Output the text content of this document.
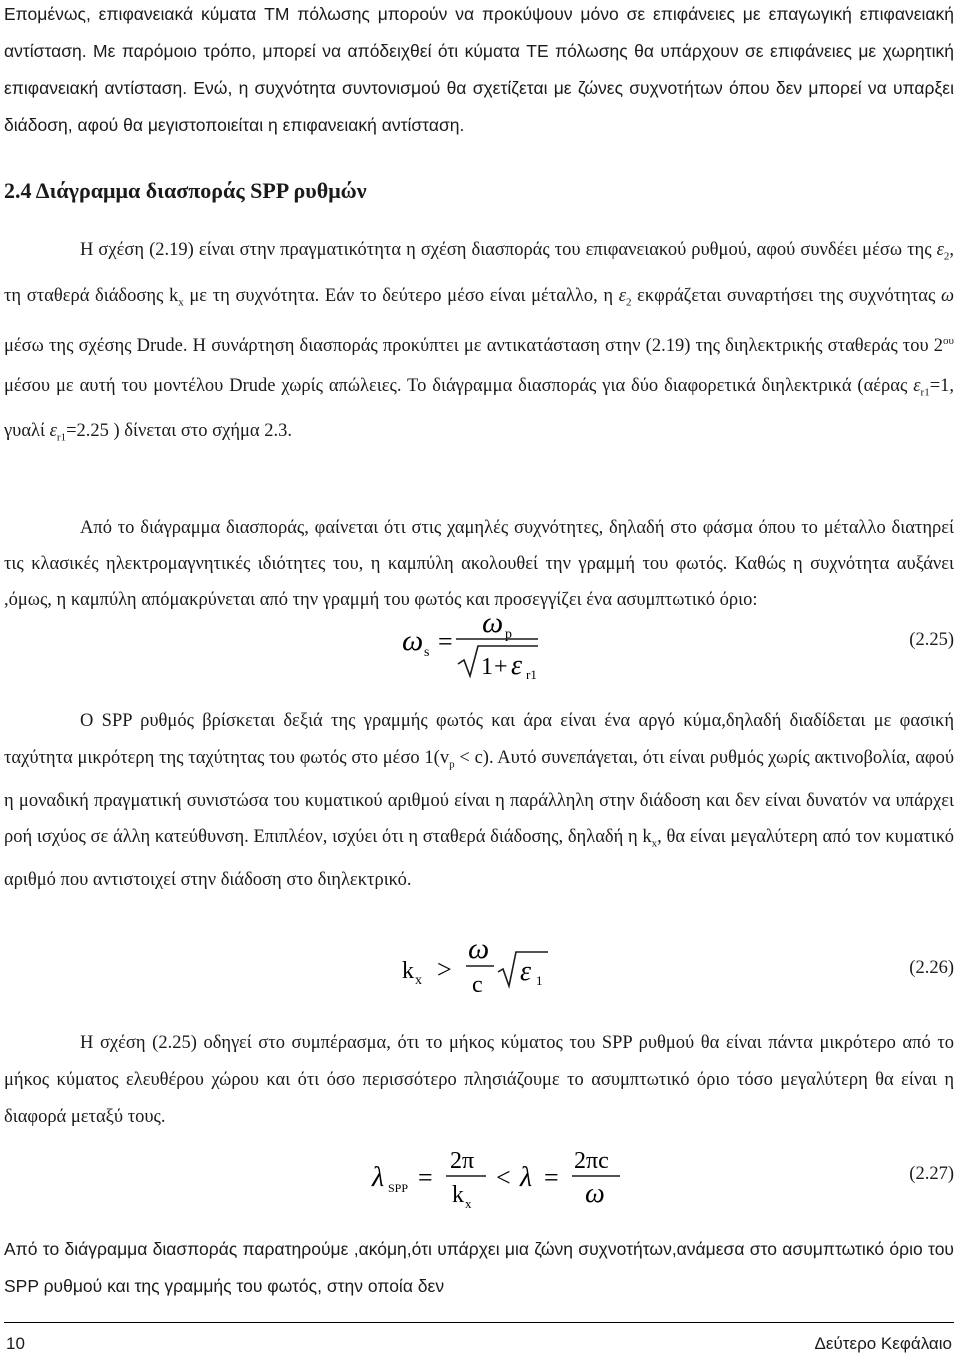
Επομένως, επιφανειακά κύματα TM πόλωσης μπορούν να προκύψουν μόνο σε επιφάνειες με επαγωγική επιφανειακή αντίσταση. Με παρόμοιο τρόπο, μπορεί να απόδειχθεί ότι κύματα TE πόλωσης θα υπάρχουν σε επιφάνειες με χωρητική επιφανειακή αντίσταση. Ενώ, η συχνότητα συντονισμού θα σχετίζεται με ζώνες συχνοτήτων όπου δεν μπορεί να υπαρξει διάδοση, αφού θα μεγιστοποιείται η επιφανειακή αντίσταση.
2.4 Διάγραμμα διασποράς SPP ρυθμών

Η σχέση (2.19) είναι στην πραγματικότητα η σχέση διασποράς του επιφανειακού ρυθμού, αφού συνδέει μέσω της $\varepsilon_2$, τη σταθερά διάδοσης $k_x$ με τη συχνότητα. Εάν το δεύτερο μέσο είναι μέταλλο, η $\varepsilon_2$ εκφράζεται συναρτήσει της συχνότητας ω μέσω της σχέσης Drude. Η συνάρτηση διασποράς προκύπτει με αντικατάσταση στην (2.19) της διηλεκτρικής σταθεράς του $2^{o\upsilon}$ μέσου με αυτή του μοντέλου Drude χωρίς απώλειες. Το διάγραμμα διασποράς για δύο διαφορετικά διηλεκτρικά (αέρας $\varepsilon_{r1}=1$, γυαλί $\varepsilon_{r1}=2.25$ ) δίνεται στο σχήμα 2.3.

Από το διάγραμμα διασποράς, φαίνεται ότι στις χαμηλές συχνότητες, δηλαδή στο φάσμα όπου το μέταλλο διατηρεί τις κλασικές ηλεκτρομαγνητικές ιδιότητες του, η καμπύλη ακολουθεί την γραμμή του φωτός. Καθώς η συχνότητα αυξάνει ,όμως, η καμπύλη απόμακρύνεται από την γραμμή του φωτός και προσεγγίζει ένα ασυμπτωτικό όριο:

ω s =
ω p
1 + ε r1
(2.25)

Ο SPP ρυθμός βρίσκεται δεξιά της γραμμής φωτός και άρα είναι ένα αργό κύμα,δηλαδή διαδίδεται με φασική ταχύτητα μικρότερη της ταχύτητας του φωτός στο μέσο $1(v_p < c)$. Αυτό συνεπάγεται, ότι είναι ρυθμός χωρίς ακτινοβολία, αφού η μοναδική πραγματική συνιστώσα του κυματικού αριθμού είναι η παράλληλη στην διάδοση και δεν είναι δυνατόν να υπάρχει ροή ισχύος σε άλλη κατεύθυνση. Επιπλέον, ισχύει ότι η σταθερά διάδοσης, δηλαδή η $k_x$, θα είναι μεγαλύτερη από τον κυματικό αριθμό που αντιστοιχεί στην διάδοση στο διηλεκτρικό.

k x >
ω
c ε 1
(2.26)

Η σχέση (2.25) οδηγεί στο συμπέρασμα, ότι το μήκος κύματος του SPP ρυθμού θα είναι πάντα μικρότερο από το μήκος κύματος ελευθέρου χώρου και ότι όσο περισσότερο πλησιάζουμε το ασυμπτωτικό όριο τόσο μεγαλύτερη θα είναι η διαφορά μεταξύ τους.

λ SPP =
2π
k x
< λ =
2πc
ω
(2.27)

Από το διάγραμμα διασποράς παρατηρούμε ,ακόμη,ότι υπάρχει μια ζώνη συχνοτήτων,ανάμεσα στο ασυμπτωτικό όριο του SPP ρυθμού και της γραμμής του φωτός, στην οποία δεν

10	Δεύτερο Κεφάλαιο
